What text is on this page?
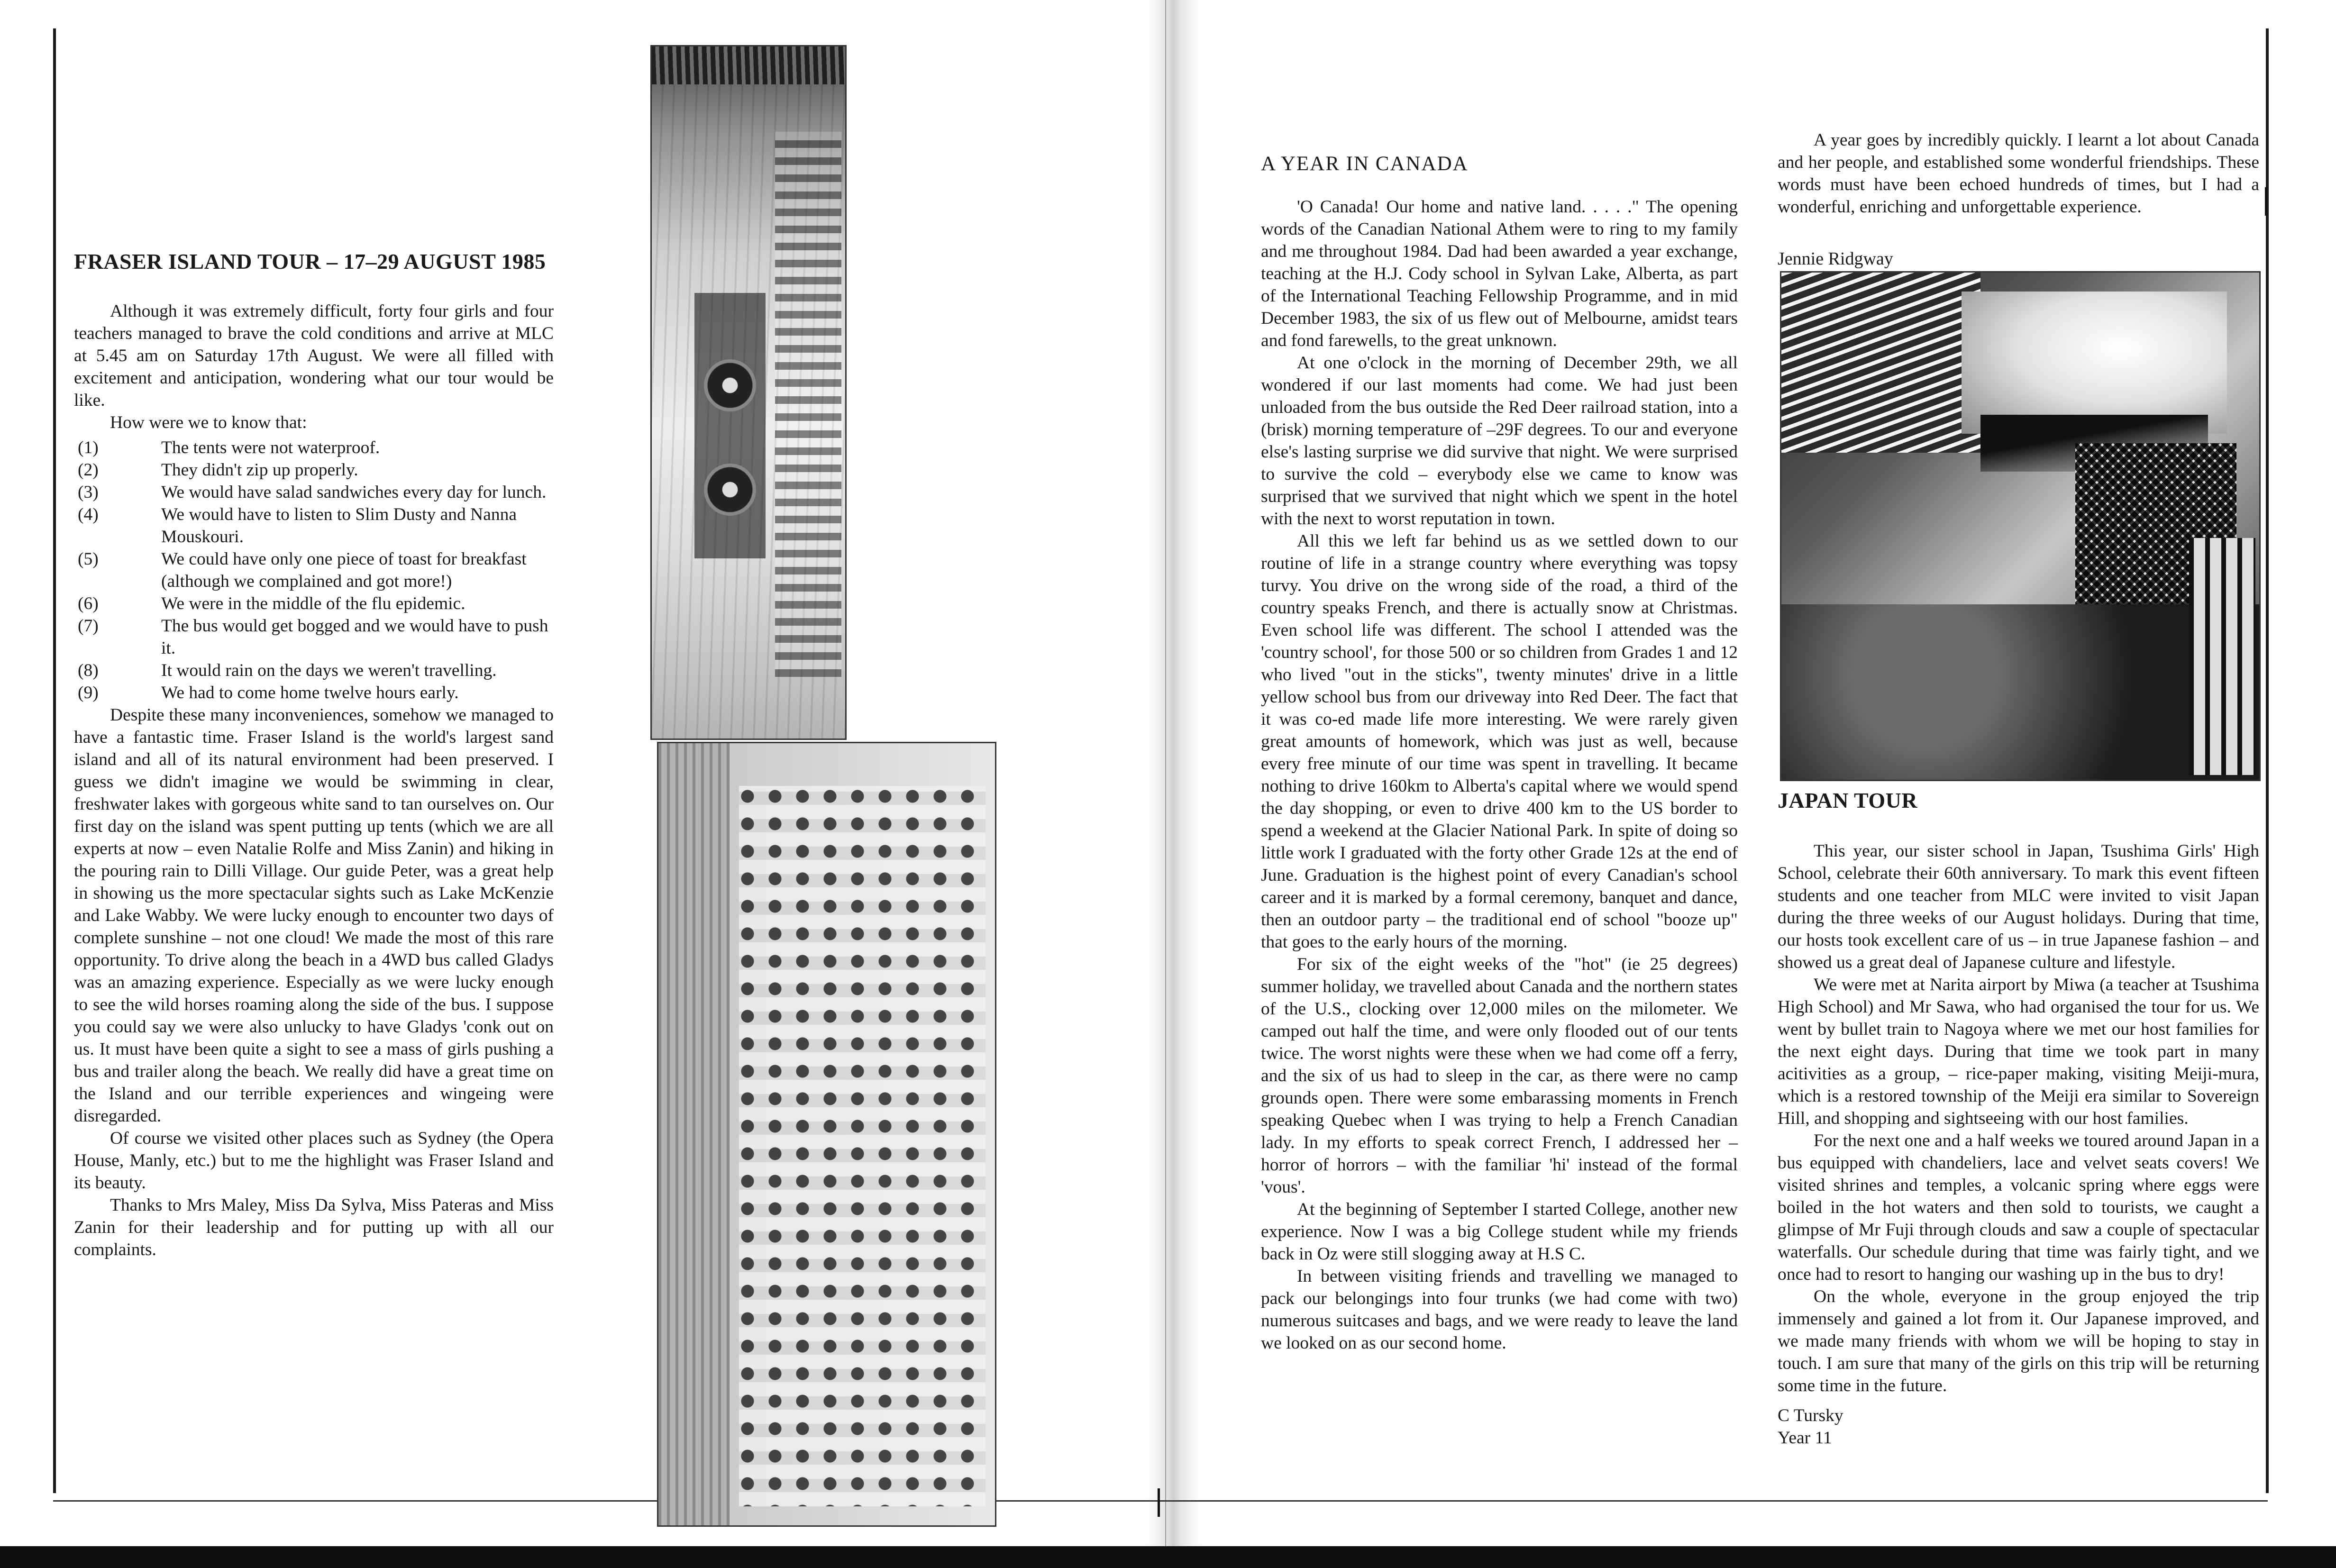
FRASER ISLAND TOUR – 17–29 AUGUST 1985

Although it was extremely difficult, forty four girls and four teachers managed to brave the cold conditions and arrive at MLC at 5.45 am on Saturday 17th August. We were all filled with excitement and anticipation, wondering what our tour would be like.

How were we to know that:

(1)	The tents were not waterproof.
(2)	They didn't zip up properly.
(3)	We would have salad sandwiches every day for lunch.
(4)	We would have to listen to Slim Dusty and Nanna Mouskouri.
(5)	We could have only one piece of toast for breakfast (although we complained and got more!)
(6)	We were in the middle of the flu epidemic.
(7)	The bus would get bogged and we would have to push it.
(8)	It would rain on the days we weren't travelling.
(9)	We had to come home twelve hours early.

Despite these many inconveniences, somehow we managed to have a fantastic time. Fraser Island is the world's largest sand island and all of its natural environment had been preserved. I guess we didn't imagine we would be swimming in clear, freshwater lakes with gorgeous white sand to tan ourselves on. Our first day on the island was spent putting up tents (which we are all experts at now – even Natalie Rolfe and Miss Zanin) and hiking in the pouring rain to Dilli Village. Our guide Peter, was a great help in showing us the more spectacular sights such as Lake McKenzie and Lake Wabby. We were lucky enough to encounter two days of complete sunshine – not one cloud! We made the most of this rare opportunity. To drive along the beach in a 4WD bus called Gladys was an amazing experience. Especially as we were lucky enough to see the wild horses roaming along the side of the bus. I suppose you could say we were also unlucky to have Gladys 'conk out on us. It must have been quite a sight to see a mass of girls pushing a bus and trailer along the beach. We really did have a great time on the Island and our terrible experiences and wingeing were disregarded.

Of course we visited other places such as Sydney (the Opera House, Manly, etc.) but to me the highlight was Fraser Island and its beauty.

Thanks to Mrs Maley, Miss Da Sylva, Miss Pateras and Miss Zanin for their leadership and for putting up with all our complaints.

A YEAR IN CANADA

'O Canada! Our home and native land. . . . ." The opening words of the Canadian National Athem were to ring to my family and me throughout 1984. Dad had been awarded a year exchange, teaching at the H.J. Cody school in Sylvan Lake, Alberta, as part of the International Teaching Fellowship Programme, and in mid December 1983, the six of us flew out of Melbourne, amidst tears and fond farewells, to the great unknown.

At one o'clock in the morning of December 29th, we all wondered if our last moments had come. We had just been unloaded from the bus outside the Red Deer railroad station, into a (brisk) morning temperature of –29F degrees. To our and everyone else's lasting surprise we did survive that night. We were surprised to survive the cold – everybody else we came to know was surprised that we survived that night which we spent in the hotel with the next to worst reputation in town.

All this we left far behind us as we settled down to our routine of life in a strange country where everything was topsy turvy. You drive on the wrong side of the road, a third of the country speaks French, and there is actually snow at Christmas. Even school life was different. The school I attended was the 'country school', for those 500 or so children from Grades 1 and 12 who lived "out in the sticks", twenty minutes' drive in a little yellow school bus from our driveway into Red Deer. The fact that it was co-ed made life more interesting. We were rarely given great amounts of homework, which was just as well, because every free minute of our time was spent in travelling. It became nothing to drive 160km to Alberta's capital where we would spend the day shopping, or even to drive 400 km to the US border to spend a weekend at the Glacier National Park. In spite of doing so little work I graduated with the forty other Grade 12s at the end of June. Graduation is the highest point of every Canadian's school career and it is marked by a formal ceremony, banquet and dance, then an outdoor party – the traditional end of school "booze up" that goes to the early hours of the morning.

For six of the eight weeks of the "hot" (ie 25 degrees) summer holiday, we travelled about Canada and the northern states of the U.S., clocking over 12,000 miles on the milometer. We camped out half the time, and were only flooded out of our tents twice. The worst nights were these when we had come off a ferry, and the six of us had to sleep in the car, as there were no camp grounds open. There were some embarassing moments in French speaking Quebec when I was trying to help a French Canadian lady. In my efforts to speak correct French, I addressed her – horror of horrors – with the familiar 'hi' instead of the formal 'vous'.

At the beginning of September I started College, another new experience. Now I was a big College student while my friends back in Oz were still slogging away at H.S C.

In between visiting friends and travelling we managed to pack our belongings into four trunks (we had come with two) numerous suitcases and bags, and we were ready to leave the land we looked on as our second home.

A year goes by incredibly quickly. I learnt a lot about Canada and her people, and established some wonderful friendships. These words must have been echoed hundreds of times, but I had a wonderful, enriching and unforgettable experience.

Jennie Ridgway
JAPAN TOUR

This year, our sister school in Japan, Tsushima Girls' High School, celebrate their 60th anniversary. To mark this event fifteen students and one teacher from MLC were invited to visit Japan during the three weeks of our August holidays. During that time, our hosts took excellent care of us – in true Japanese fashion – and showed us a great deal of Japanese culture and lifestyle.

We were met at Narita airport by Miwa (a teacher at Tsushima High School) and Mr Sawa, who had organised the tour for us. We went by bullet train to Nagoya where we met our host families for the next eight days. During that time we took part in many acitivities as a group, – rice-paper making, visiting Meiji-mura, which is a restored township of the Meiji era similar to Sovereign Hill, and shopping and sightseeing with our host families.

For the next one and a half weeks we toured around Japan in a bus equipped with chandeliers, lace and velvet seats covers! We visited shrines and temples, a volcanic spring where eggs were boiled in the hot waters and then sold to tourists, we caught a glimpse of Mr Fuji through clouds and saw a couple of spectacular waterfalls. Our schedule during that time was fairly tight, and we once had to resort to hanging our washing up in the bus to dry!

On the whole, everyone in the group enjoyed the trip immensely and gained a lot from it. Our Japanese improved, and we made many friends with whom we will be hoping to stay in touch. I am sure that many of the girls on this trip will be returning some time in the future.

C Tursky

Year 11
